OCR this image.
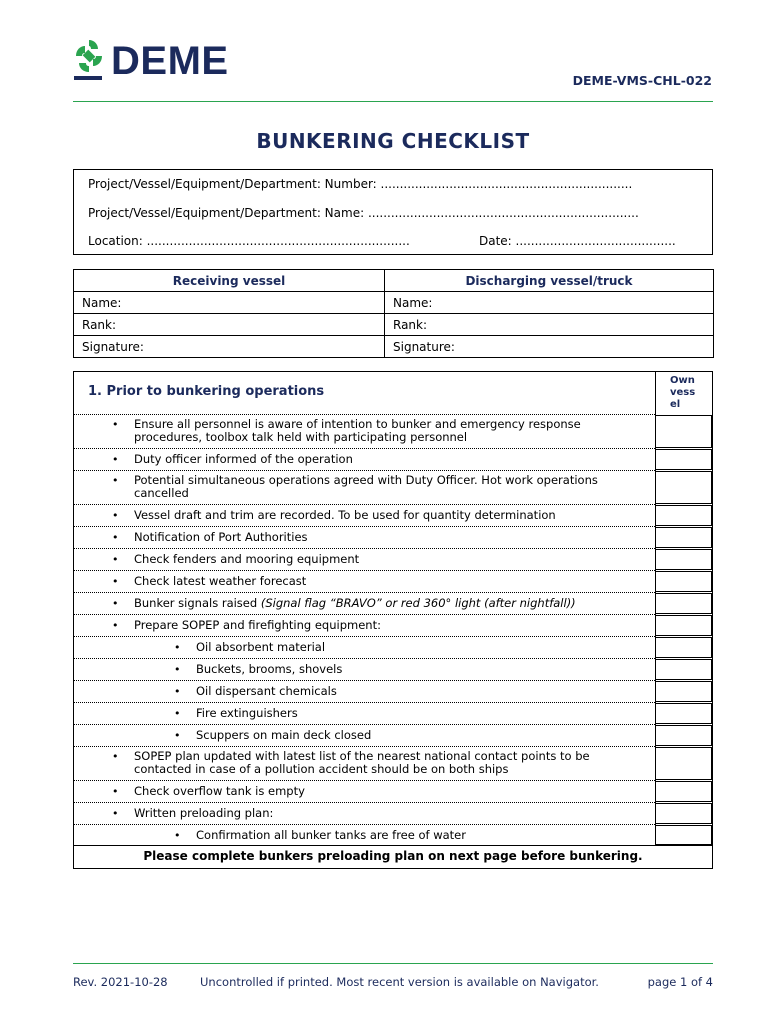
DEME	DEME-VMS-CHL-022
BUNKERING CHECKLIST
Project/Vessel/Equipment/Department: Number: ..................................................................
Project/Vessel/Equipment/Department: Name: .......................................................................
Location: .....................................................................	Date: ..........................................
Receiving vessel	Discharging vessel/truck
Name:	Name:
Rank:	Rank:
Signature:	Signature:
1. Prior to bunkering operations
Own vessel
• Ensure all personnel is aware of intention to bunker and emergency response procedures, toolbox talk held with participating personnel
• Duty officer informed of the operation
• Potential simultaneous operations agreed with Duty Officer. Hot work operations cancelled
• Vessel draft and trim are recorded. To be used for quantity determination
• Notification of Port Authorities
• Check fenders and mooring equipment
• Check latest weather forecast
• Bunker signals raised (Signal flag “BRAVO” or red 360° light (after nightfall))
• Prepare SOPEP and firefighting equipment:
• Oil absorbent material
• Buckets, brooms, shovels
• Oil dispersant chemicals
• Fire extinguishers
• Scuppers on main deck closed
• SOPEP plan updated with latest list of the nearest national contact points to be contacted in case of a pollution accident should be on both ships
• Check overflow tank is empty
• Written preloading plan:
• Confirmation all bunker tanks are free of water
Please complete bunkers preloading plan on next page before bunkering.
Rev. 2021-10-28	Uncontrolled if printed. Most recent version is available on Navigator.	page 1 of 4
